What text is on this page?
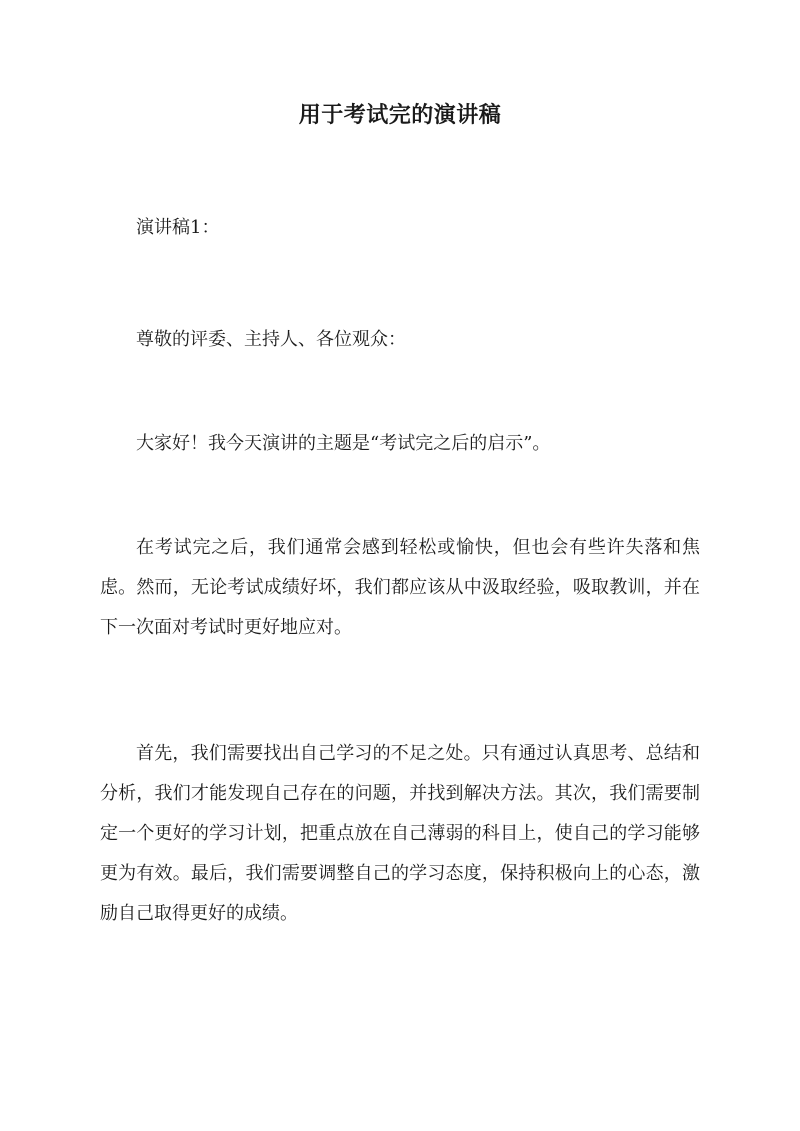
用于考试完的演讲稿

演讲稿1：

尊敬的评委、主持人、各位观众：

大家好！我今天演讲的主题是“考试完之后的启示”。

在考试完之后，我们通常会感到轻松或愉快，但也会有些许失落和焦虑。然而，无论考试成绩好坏，我们都应该从中汲取经验，吸取教训，并在下一次面对考试时更好地应对。

首先，我们需要找出自己学习的不足之处。只有通过认真思考、总结和分析，我们才能发现自己存在的问题，并找到解决方法。其次，我们需要制定一个更好的学习计划，把重点放在自己薄弱的科目上，使自己的学习能够更为有效。最后，我们需要调整自己的学习态度，保持积极向上的心态，激励自己取得更好的成绩。
